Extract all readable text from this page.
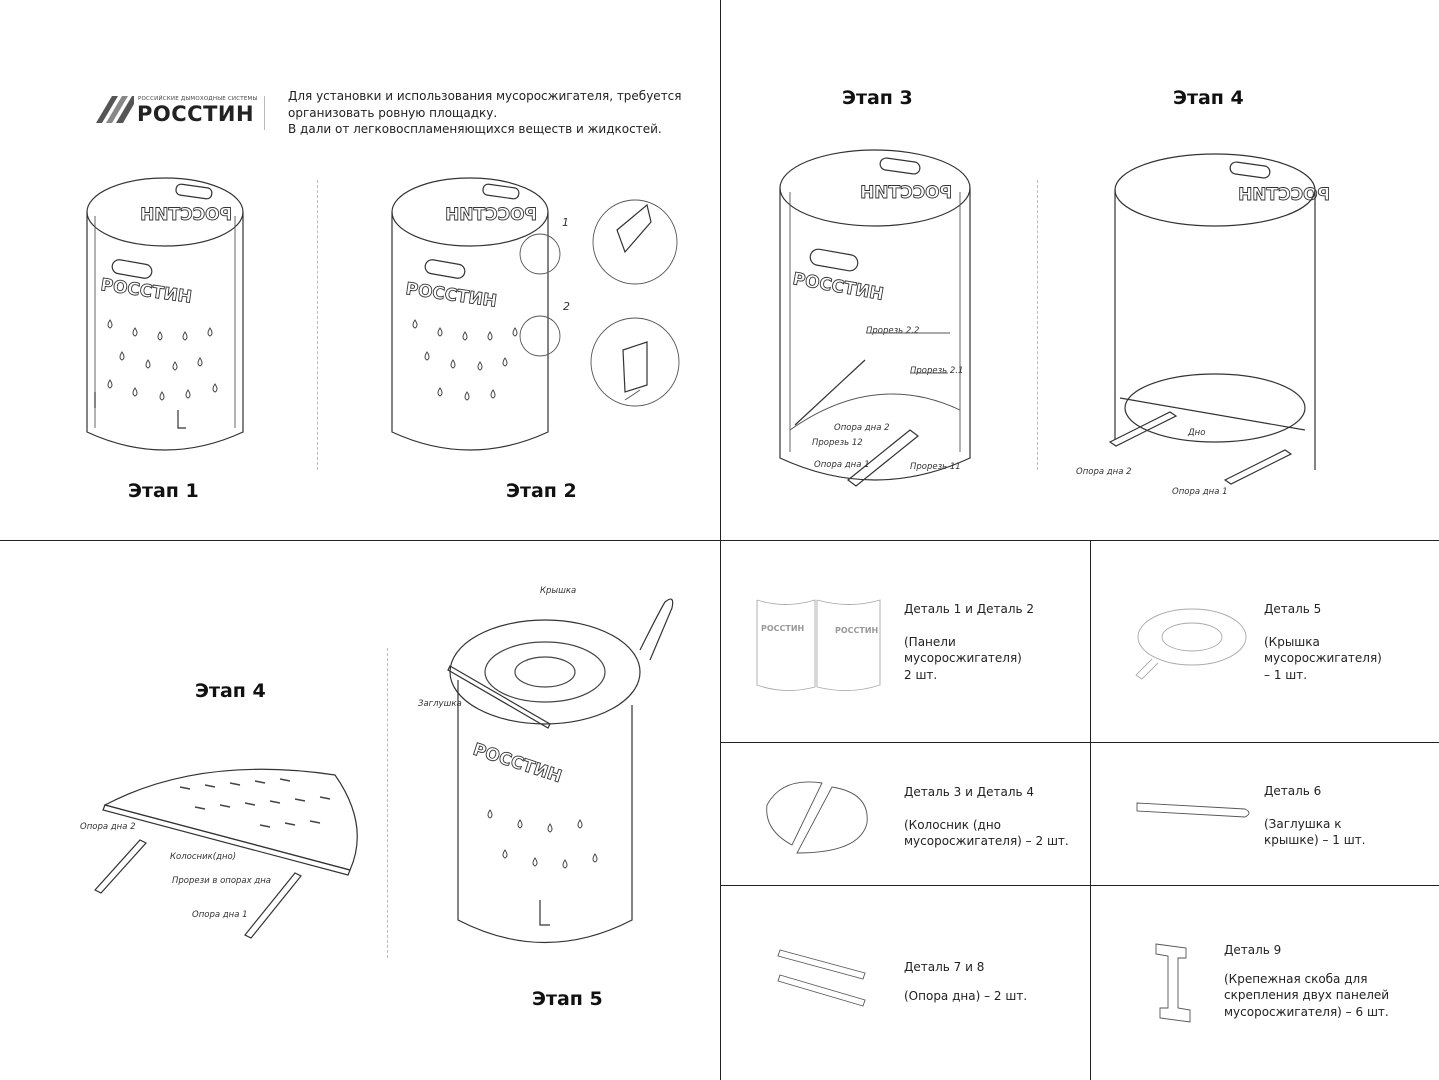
РОССИЙСКИЕ ДЫМОХОДНЫЕ СИСТЕМЫ
РОССТИН
Для установки и использования мусоросжигателя, требуется
организовать ровную площадку.
В дали от легковоспламеняющихся веществ и жидкостей.
Этап 1	Этап 2
Этап 3	Этап 4
Этап 4
Этап 5
РОССТИН
РОССТИН
РОССТИН
РОССТИН 1
2
РОССТИН
РОССТИН
Прорезь 2.2
Прорезь 2.1
Опора дна 2
Прорезь 12
Опора дна 1	Прорезь 11
РОССТИН
Дно
Опора дна 2
Опора дна 1
Опора дна 2
Колосник(дно)
Прорези в опорах дна
Опора дна 1
РОССТИН
Крышка
Заглушка
РОССТИН	РОССТИН
Деталь 1 и Деталь 2
(Панели
мусоросжигателя)
2 шт.
Деталь 5
(Крышка
мусоросжигателя)
– 1 шт.
Деталь 3 и Деталь 4
(Колосник (дно
мусоросжигателя) – 2 шт.
Деталь 6
(Заглушка к
крышке) – 1 шт.
Деталь 7 и 8
(Опора дна) – 2 шт.
Деталь 9
(Крепежная скоба для
скрепления двух панелей
мусоросжигателя) – 6 шт.
